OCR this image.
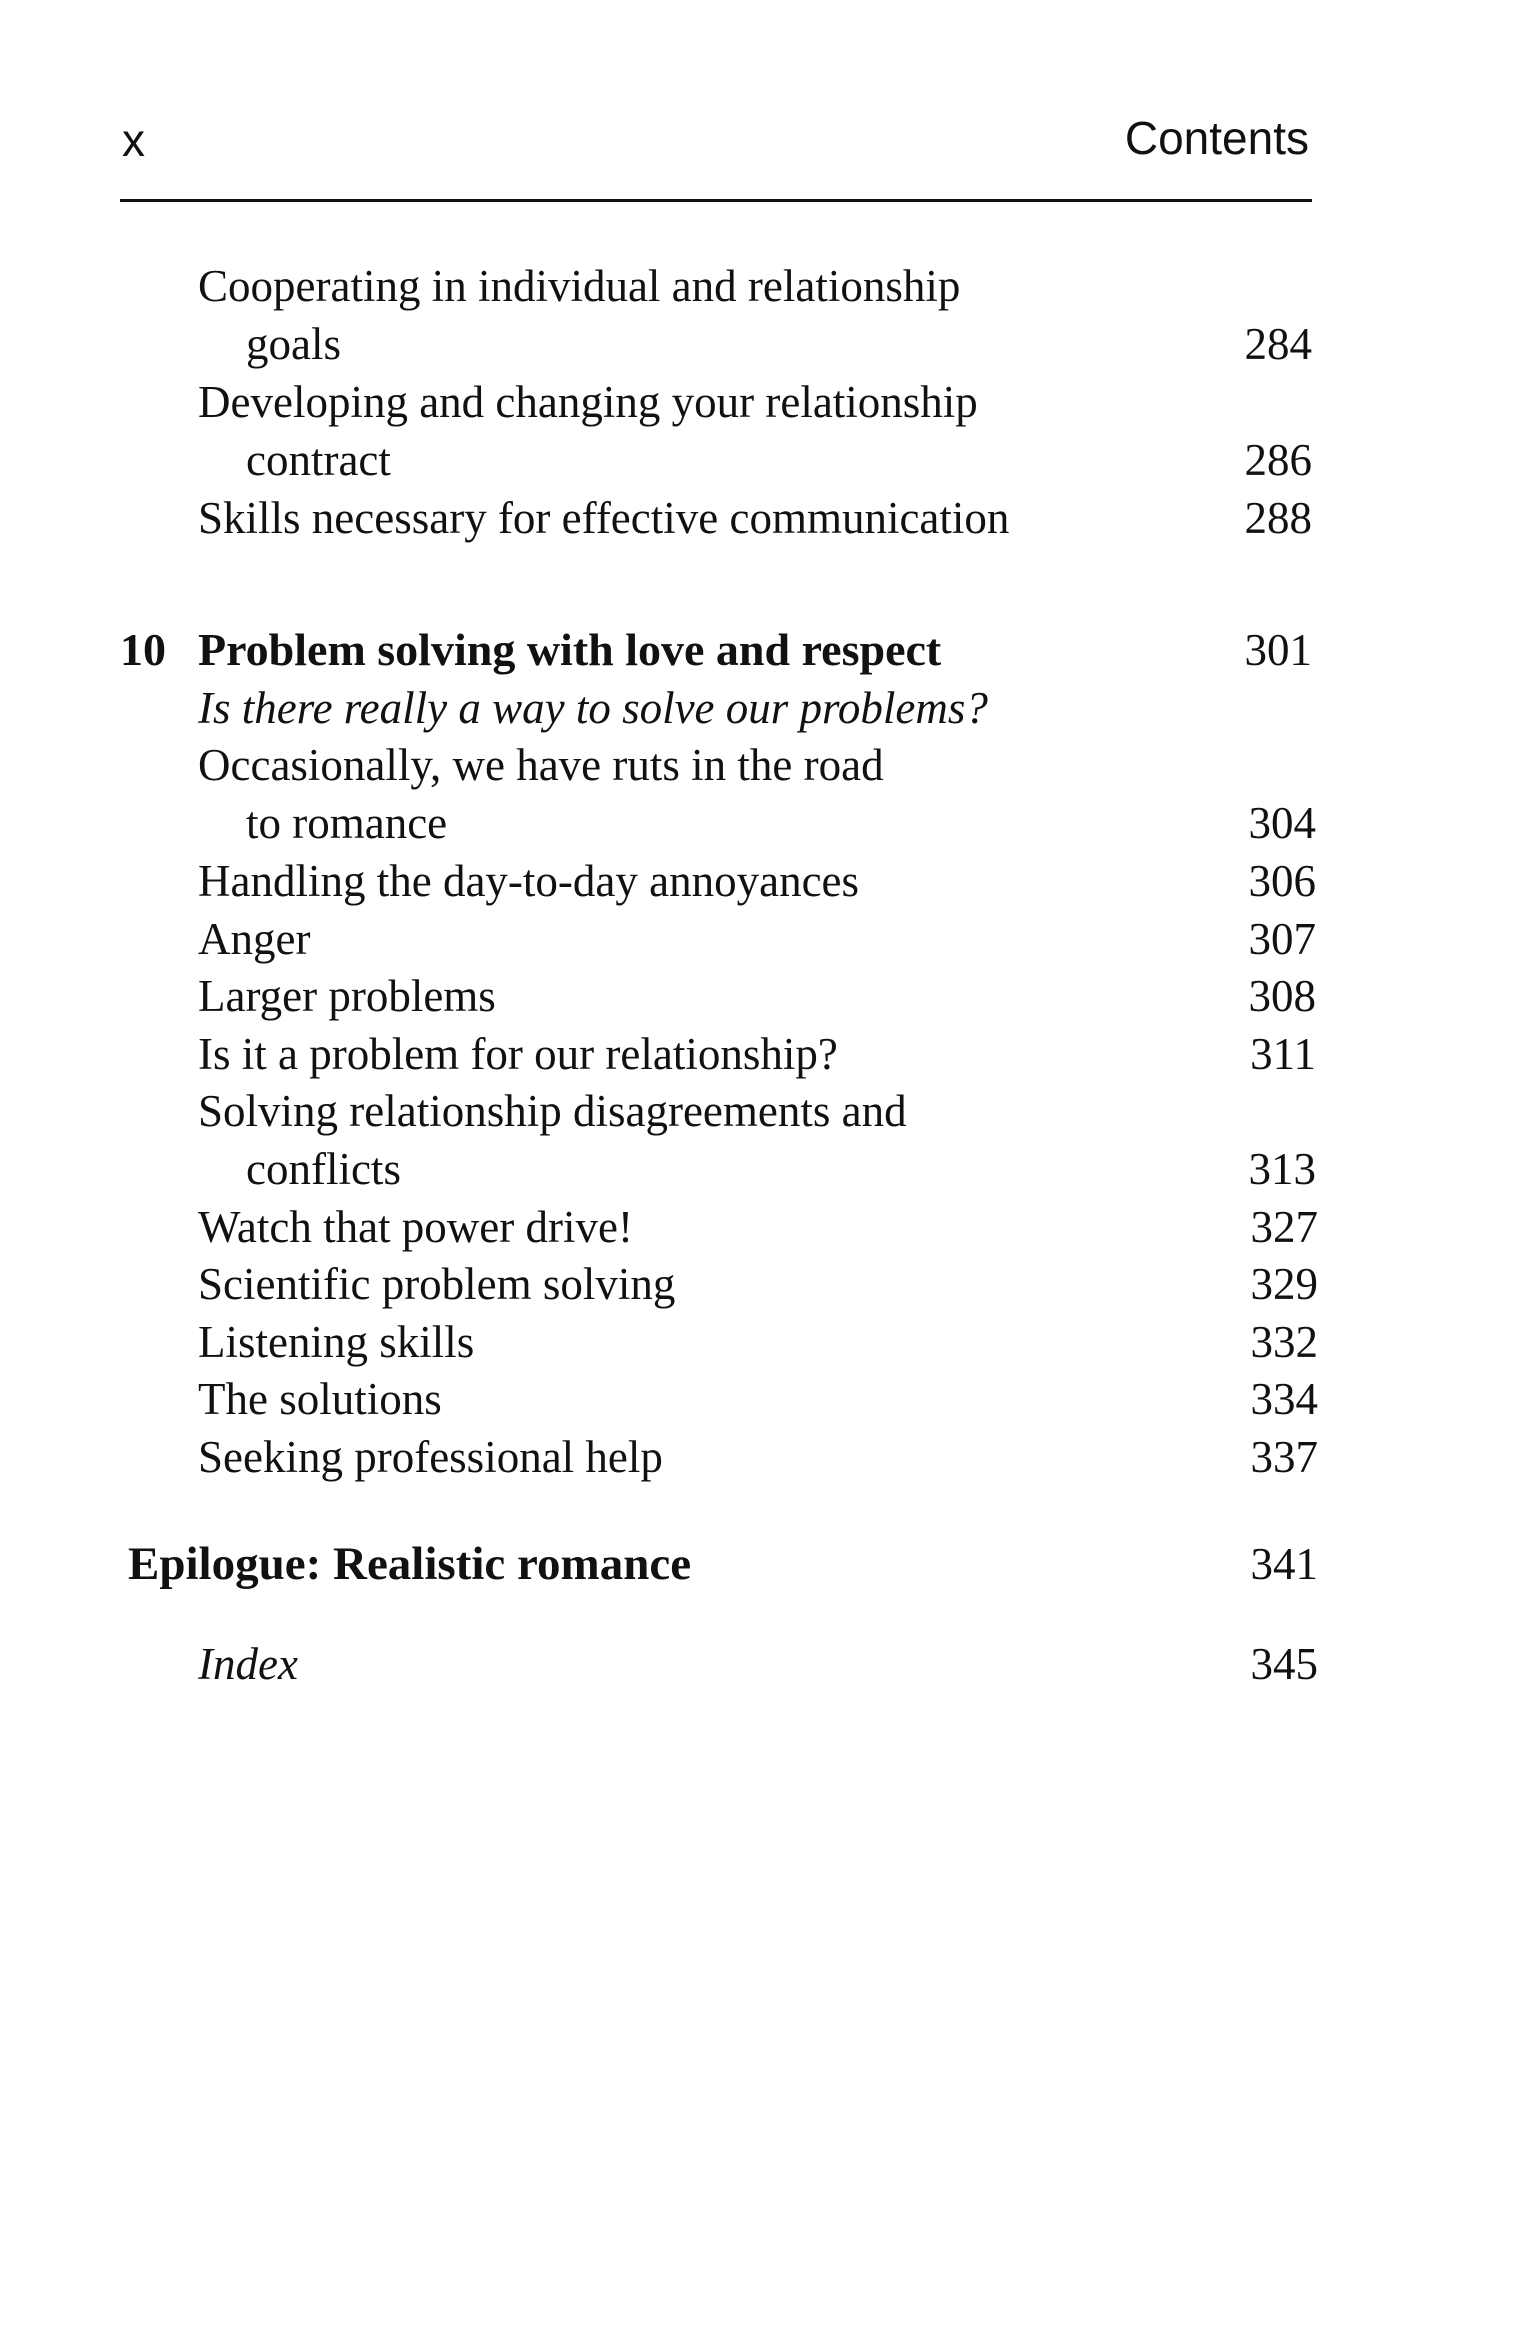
x	Contents
Cooperating in individual and relationship
goals	284
Developing and changing your relationship
contract	286
Skills necessary for effective communication	288
10 Problem solving with love and respect	301
Is there really a way to solve our problems?
Occasionally, we have ruts in the road
to romance	304
Handling the day-to-day annoyances	306
Anger	307
Larger problems	308
Is it a problem for our relationship?	311
Solving relationship disagreements and
conflicts	313
Watch that power drive!	327
Scientific problem solving	329
Listening skills	332
The solutions	334
Seeking professional help	337
Epilogue: Realistic romance	341
Index	345
